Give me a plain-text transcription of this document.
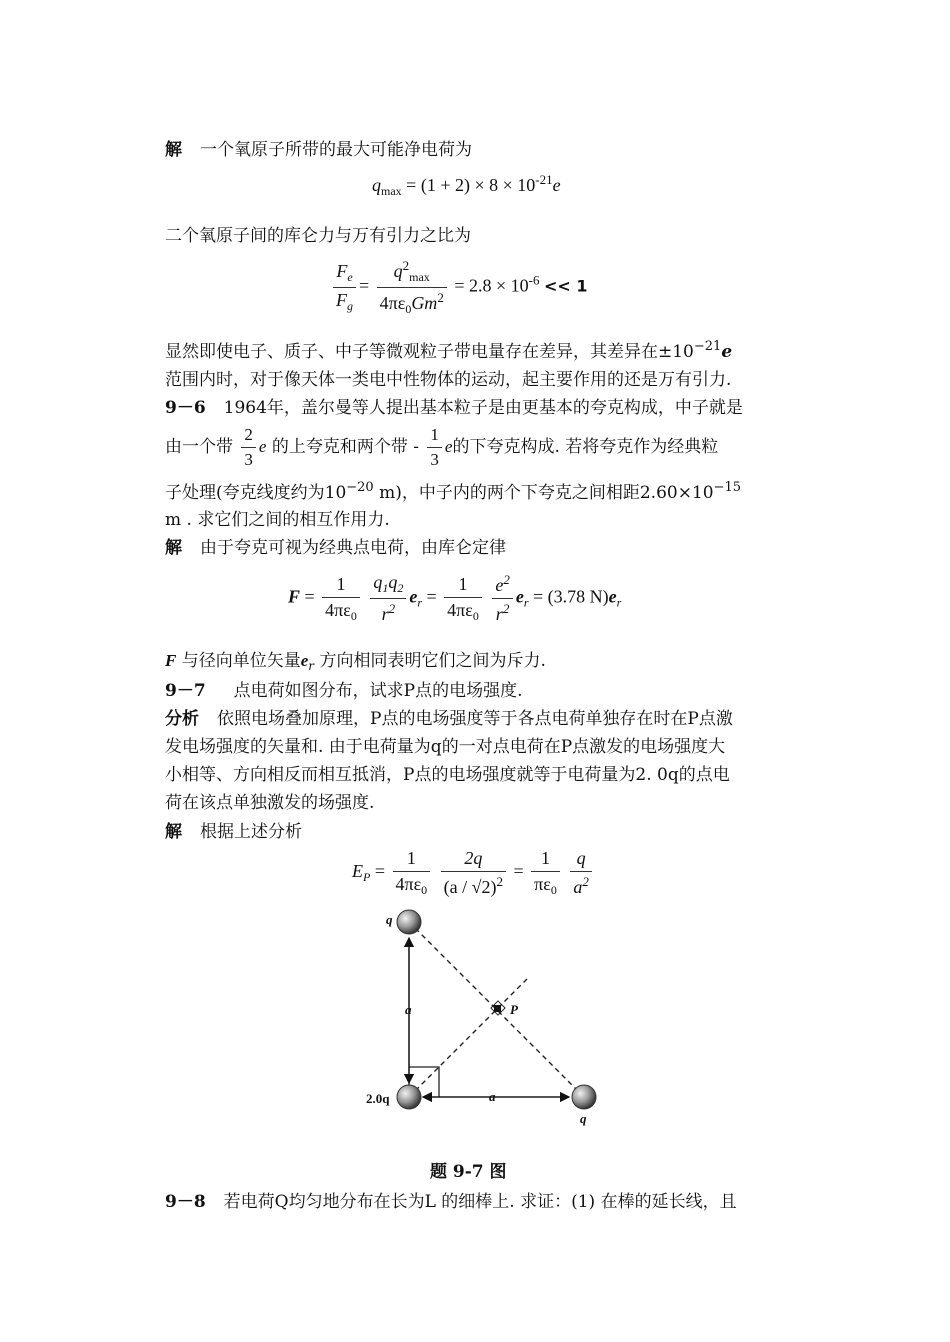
解 一个氧原子所带的最大可能净电荷为
$q_{max} = (1 + 2) \times 8 \times 10^{-21}e$
二个氧原子间的库仑力与万有引力之比为
$\frac{F_e}{F_g} = \frac{q^2_{max}}{4\pi\varepsilon_0Gm^2} = 2.8 \times 10^{-6} << 1$
显然即使电子、质子、中子等微观粒子带电量存在差异，其差异在$\pm 10^{-21}e$
范围内时，对于像天体一类电中性物体的运动，起主要作用的还是万有引力.
9－6 1964年，盖尔曼等人提出基本粒子是由更基本的夸克构成，中子就是
由一个带 $\frac{2}{3}$ e 的上夸克和两个带 - $\frac{1}{3}$ e的下夸克构成. 若将夸克作为经典粒
子处理(夸克线度约为$10^{-20}$ m)，中子内的两个下夸克之间相距$2.60\times 10^{-15}$
m . 求它们之间的相互作用力.
解 由于夸克可视为经典点电荷，由库仑定律
$F = \frac{1}{4\pi\varepsilon_0}$
$\frac{q_1q_2}{r^2} e_r = \frac{1}{4\pi\varepsilon_0}$
$\frac{e^2}{r^2} e_r = (3.78$ $N)e_r$
F 与径向单位矢量$e_r$ 方向相同表明它们之间为斥力.
9－7 点电荷如图分布，试求P点的电场强度.
分析 依照电场叠加原理，P点的电场强度等于各点电荷单独存在时在P点激
发电场强度的矢量和. 由于电荷量为q的一对点电荷在P点激发的电场强度大
小相等、方向相反而相互抵消，P点的电场强度就等于电荷量为2. 0q的点电
荷在该点单独激发的场强度.
解 根据上述分析
$E_P = \frac{1}{4\pi\varepsilon_0}$
$\frac{2q}{(a / √2)^2} = \frac{1}{\pi\varepsilon_0}$
$\frac{q}{a^2}$
q
P
a
2.0q	a
q
题 9-7 图
9－8 若电荷Q均匀地分布在长为L 的细棒上. 求证：(1) 在棒的延长线，且
